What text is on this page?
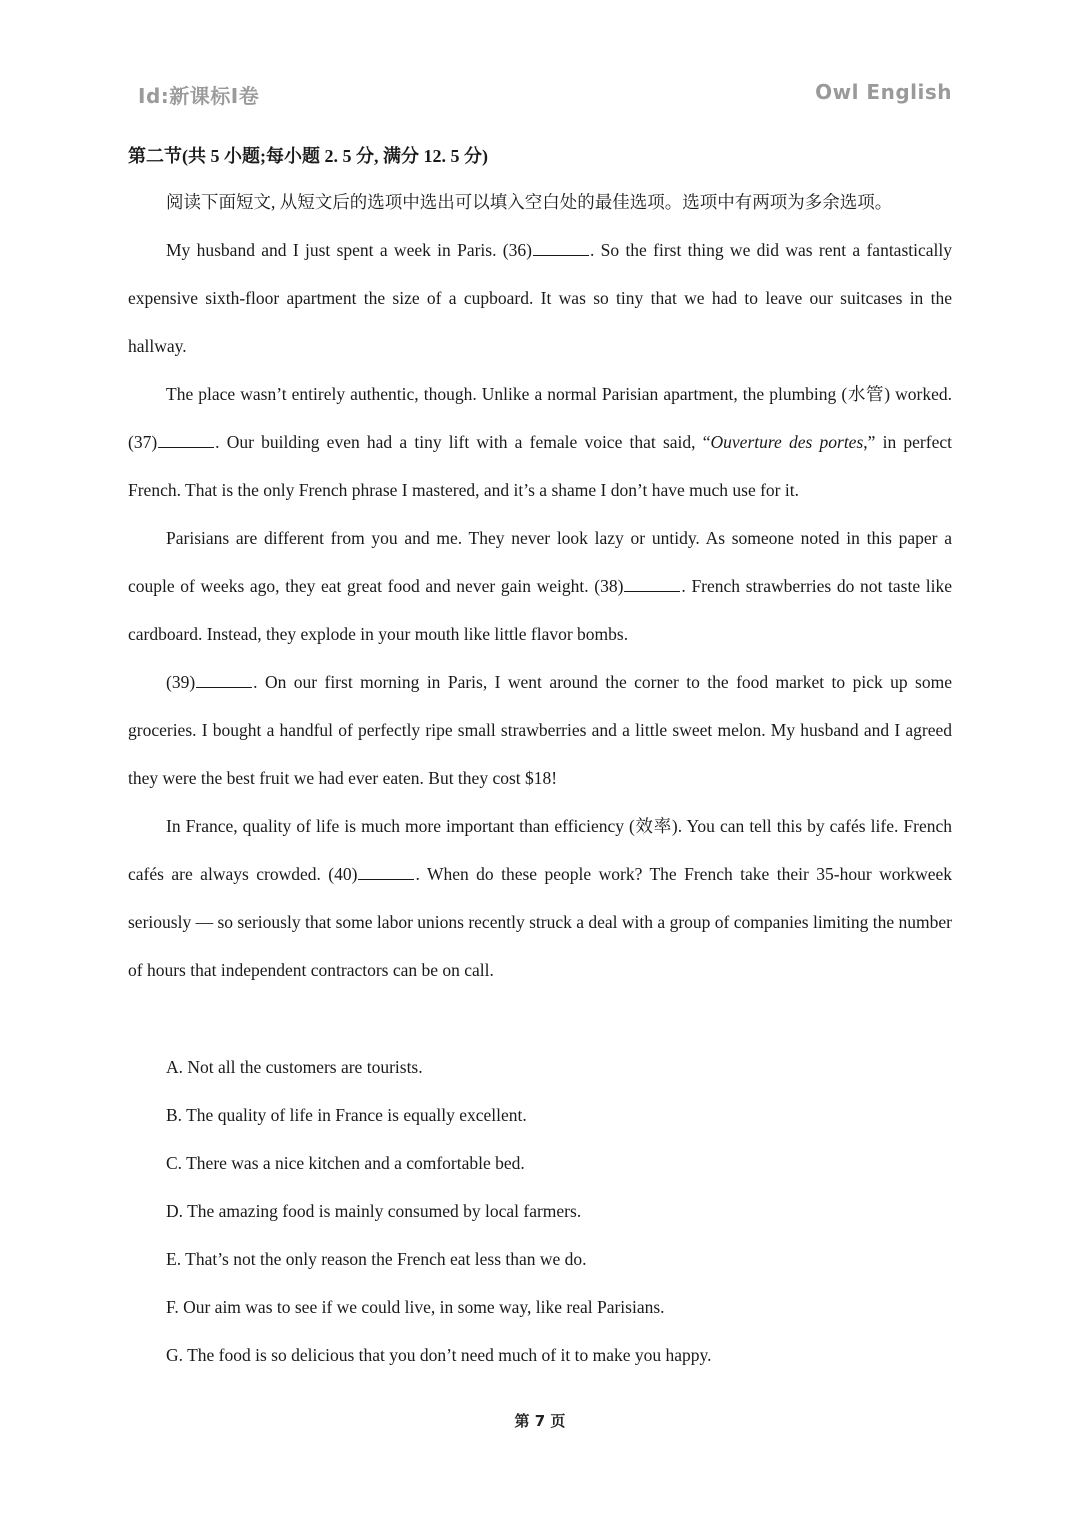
Id:新课标I卷	Owl English
第二节(共 5 小题;每小题 2. 5 分, 满分 12. 5 分)

阅读下面短文, 从短文后的选项中选出可以填入空白处的最佳选项。选项中有两项为多余选项。

My husband and I just spent a week in Paris. (36)	. So the first thing we did was rent a fantastically expensive sixth-floor apartment the size of a cupboard. It was so tiny that we had to leave our suitcases in the hallway.

The place wasn’t entirely authentic, though. Unlike a normal Parisian apartment, the plumbing (水管) worked. (37)	. Our building even had a tiny lift with a female voice that said, “Ouverture des portes,” in perfect French. That is the only French phrase I mastered, and it’s a shame I don’t have much use for it.

Parisians are different from you and me. They never look lazy or untidy. As someone noted in this paper a couple of weeks ago, they eat great food and never gain weight. (38)	. French strawberries do not taste like cardboard. Instead, they explode in your mouth like little flavor bombs.

(39)	. On our first morning in Paris, I went around the corner to the food market to pick up some groceries. I bought a handful of perfectly ripe small strawberries and a little sweet melon. My husband and I agreed they were the best fruit we had ever eaten. But they cost $18!

In France, quality of life is much more important than efficiency (效率). You can tell this by cafés life. French cafés are always crowded. (40)	. When do these people work? The French take their 35-hour workweek seriously — so seriously that some labor unions recently struck a deal with a group of companies limiting the number of hours that independent contractors can be on call.

A. Not all the customers are tourists.

B. The quality of life in France is equally excellent.

C. There was a nice kitchen and a comfortable bed.

D. The amazing food is mainly consumed by local farmers.

E. That’s not the only reason the French eat less than we do.

F. Our aim was to see if we could live, in some way, like real Parisians.

G. The food is so delicious that you don’t need much of it to make you happy.

第 7 页
